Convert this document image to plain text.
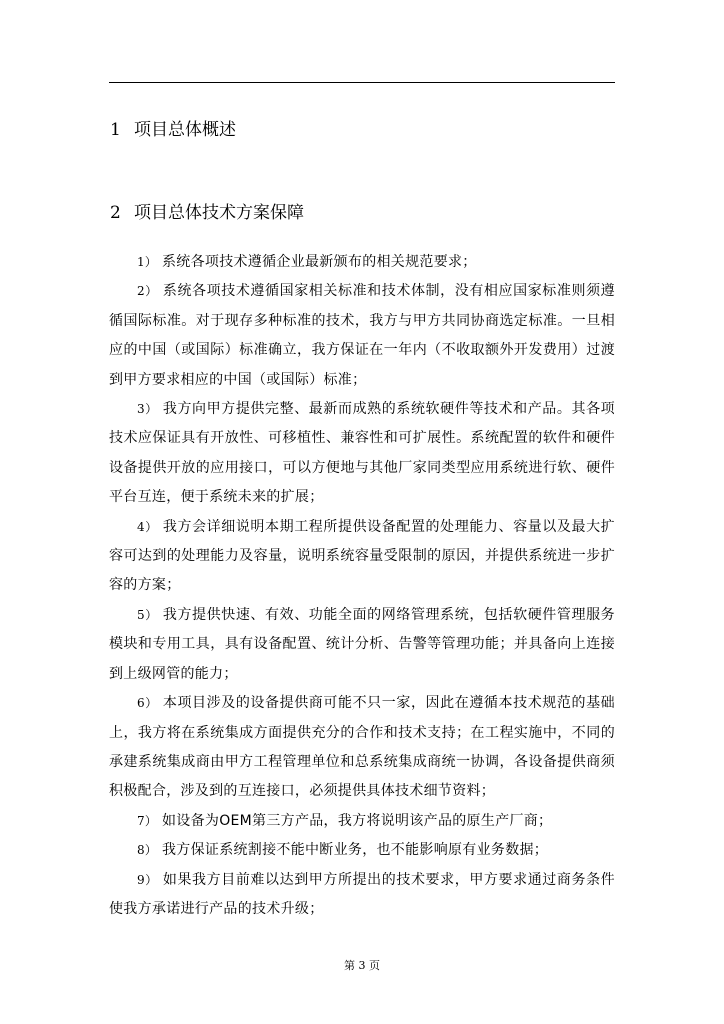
1 项目总体概述
2 项目总体技术方案保障

1） 系统各项技术遵循企业最新颁布的相关规范要求；

2） 系统各项技术遵循国家相关标准和技术体制，没有相应国家标准则须遵循国际标准。对于现存多种标准的技术，我方与甲方共同协商选定标准。一旦相应的中国（或国际）标准确立，我方保证在一年内（不收取额外开发费用）过渡到甲方要求相应的中国（或国际）标准；

3） 我方向甲方提供完整、最新而成熟的系统软硬件等技术和产品。其各项技术应保证具有开放性、可移植性、兼容性和可扩展性。系统配置的软件和硬件设备提供开放的应用接口，可以方便地与其他厂家同类型应用系统进行软、硬件平台互连，便于系统未来的扩展；

4） 我方会详细说明本期工程所提供设备配置的处理能力、容量以及最大扩容可达到的处理能力及容量，说明系统容量受限制的原因，并提供系统进一步扩容的方案；

5） 我方提供快速、有效、功能全面的网络管理系统，包括软硬件管理服务模块和专用工具，具有设备配置、统计分析、告警等管理功能；并具备向上连接到上级网管的能力；

6） 本项目涉及的设备提供商可能不只一家，因此在遵循本技术规范的基础上，我方将在系统集成方面提供充分的合作和技术支持；在工程实施中，不同的承建系统集成商由甲方工程管理单位和总系统集成商统一协调，各设备提供商须积极配合，涉及到的互连接口，必须提供具体技术细节资料；

7） 如设备为OEM第三方产品，我方将说明该产品的原生产厂商；

8） 我方保证系统割接不能中断业务，也不能影响原有业务数据；

9） 如果我方目前难以达到甲方所提出的技术要求，甲方要求通过商务条件使我方承诺进行产品的技术升级；

第 3 页
